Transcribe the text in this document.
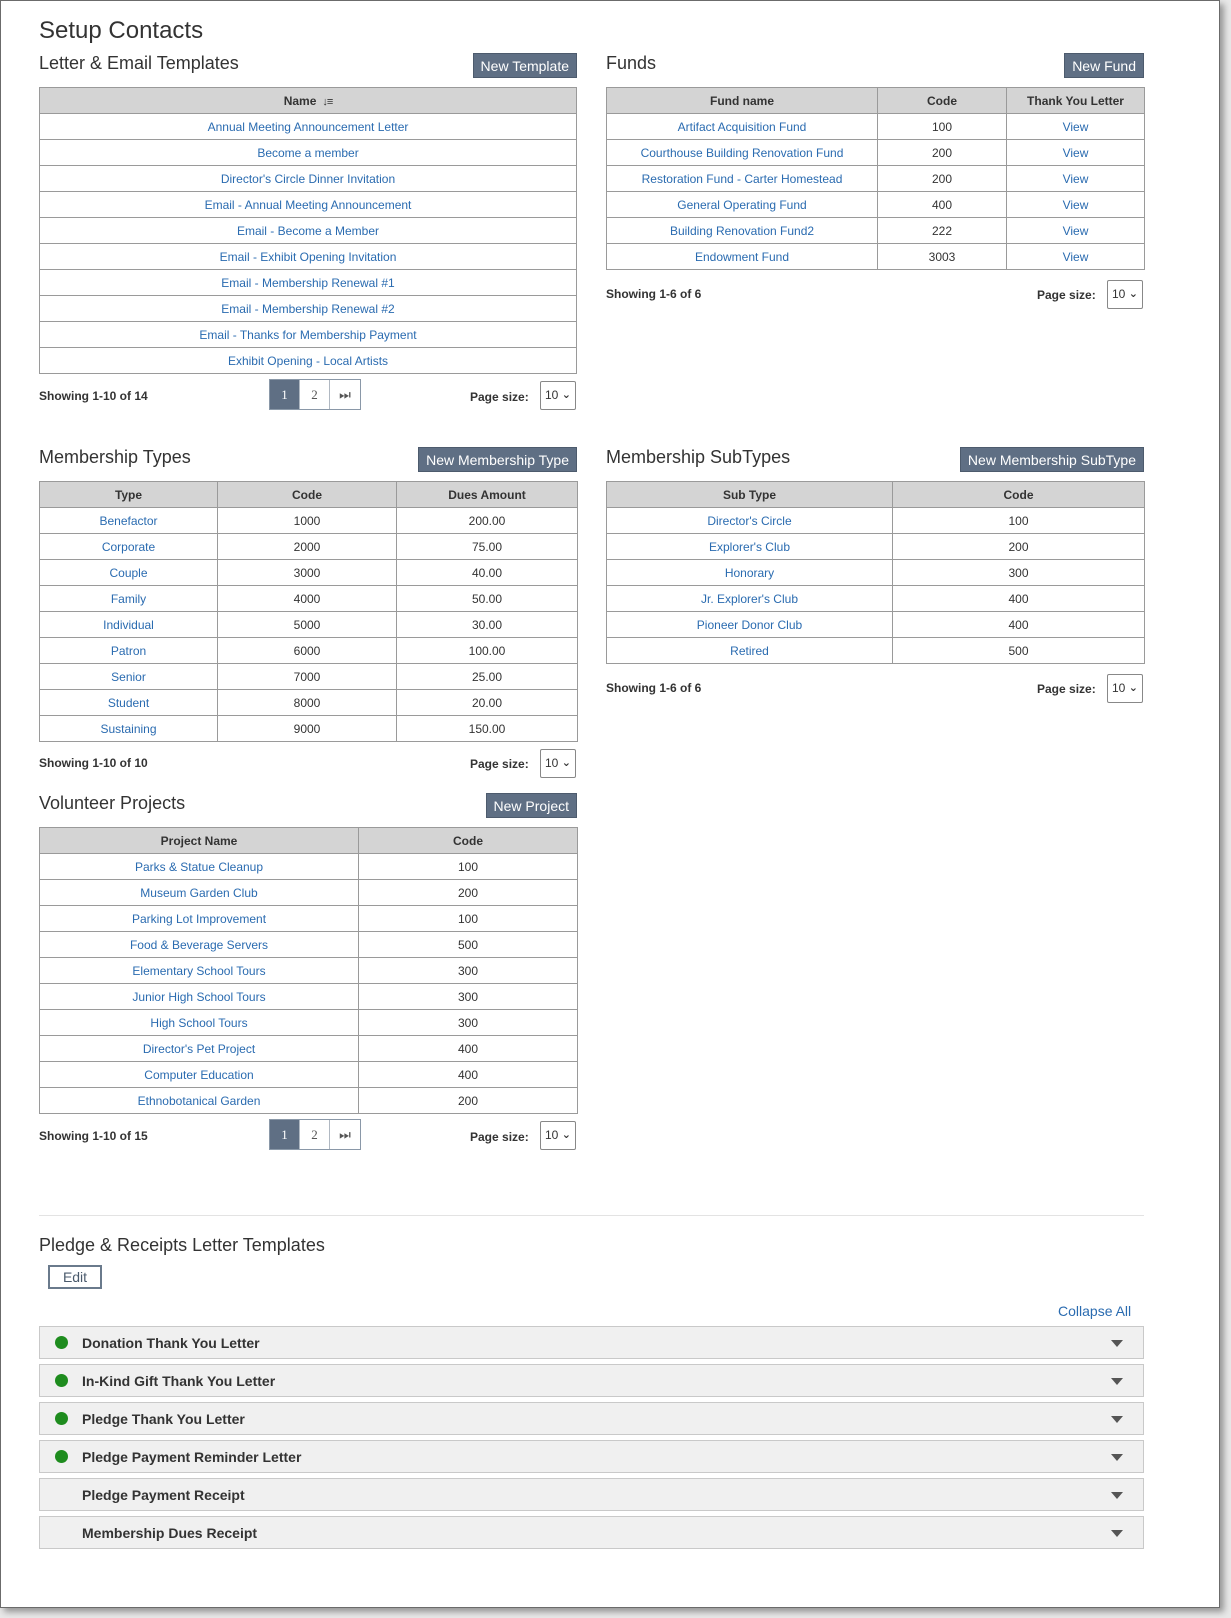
Setup Contacts
Letter & Email Templates	New Template
Name ↓≡
Annual Meeting Announcement Letter
Become a member
Director's Circle Dinner Invitation
Email - Annual Meeting Announcement
Email - Become a Member
Email - Exhibit Opening Invitation
Email - Membership Renewal #1
Email - Membership Renewal #2
Email - Thanks for Membership Payment
Exhibit Opening - Local Artists
Showing 1-10 of 14	1	2	⏭	Page size:	10 ⌄
Funds	New Fund
Fund name	Code	Thank You Letter
Artifact Acquisition Fund	100	View
Courthouse Building Renovation Fund	200	View
Restoration Fund - Carter Homestead	200	View
General Operating Fund	400	View
Building Renovation Fund2	222	View
Endowment Fund	3003	View
Showing 1-6 of 6	Page size:	10 ⌄
Membership Types	New Membership Type
Type	Code	Dues Amount
Benefactor	1000	200.00
Corporate	2000	75.00
Couple	3000	40.00
Family	4000	50.00
Individual	5000	30.00
Patron	6000	100.00
Senior	7000	25.00
Student	8000	20.00
Sustaining	9000	150.00
Showing 1-10 of 10	Page size:	10 ⌄
Membership SubTypes	New Membership SubType
Sub Type	Code
Director's Circle	100
Explorer's Club	200
Honorary	300
Jr. Explorer's Club	400
Pioneer Donor Club	400
Retired	500
Showing 1-6 of 6	Page size:	10 ⌄
Volunteer Projects	New Project
Project Name	Code
Parks & Statue Cleanup	100
Museum Garden Club	200
Parking Lot Improvement	100
Food & Beverage Servers	500
Elementary School Tours	300
Junior High School Tours	300
High School Tours	300
Director's Pet Project	400
Computer Education	400
Ethnobotanical Garden	200
Showing 1-10 of 15	1	2	⏭	Page size:	10 ⌄
Pledge & Receipts Letter Templates
Edit
Collapse All
Donation Thank You Letter
In-Kind Gift Thank You Letter
Pledge Thank You Letter
Pledge Payment Reminder Letter
Pledge Payment Receipt
Membership Dues Receipt
